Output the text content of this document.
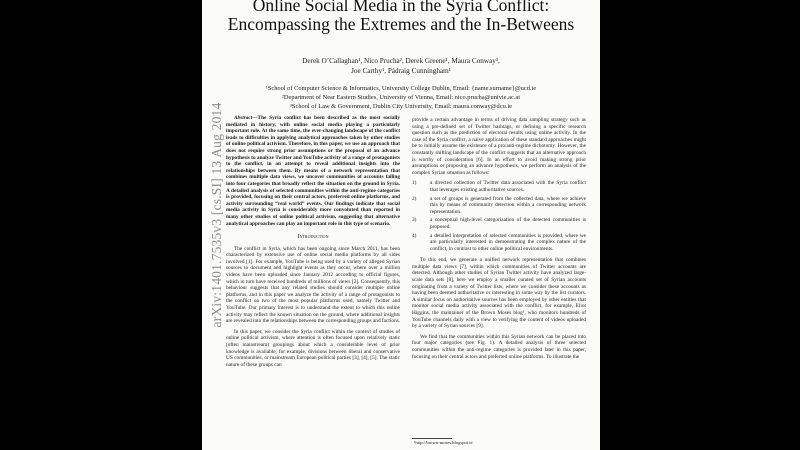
Online Social Media in the Syria Conflict:
Encompassing the Extremes and the In-Betweens
Derek O’Callaghan¹, Nico Prucha², Derek Greene¹, Maura Conway³,
Joe Carthy¹, Pádraig Cunningham¹
¹School of Computer Science & Informatics, University College Dublin, Email: {name.surname}@ucd.ie
²Department of Near Eastern Studies, University of Vienna, Email: nico.prucha@univie.ac.at
³School of Law & Government, Dublin City University, Email: maura.conway@dcu.ie

Abstract—The Syria conflict has been described as the most socially mediated in history, with online social media playing a particularly important role. At the same time, the ever-changing landscape of the conflict leads to difficulties in applying analytical approaches taken by other studies of online political activism. Therefore, in this paper, we use an approach that does not require strong prior assumptions or the proposal of an advance hypothesis to analyze Twitter and YouTube activity of a range of protagonists to the conflict, in an attempt to reveal additional insights into the relationships between them. By means of a network representation that combines multiple data views, we uncover communities of accounts falling into four categories that broadly reflect the situation on the ground in Syria. A detailed analysis of selected communities within the anti-regime categories is provided, focusing on their central actors, preferred online platforms, and activity surrounding “real world” events. Our findings indicate that social media activity in Syria is considerably more convoluted than reported in many other studies of online political activism, suggesting that alternative analytical approaches can play an important role in this type of scenario.

Introduction

The conflict in Syria, which has been ongoing since March 2011, has been characterized by extensive use of online social media platforms by all sides involved [1]. For example, YouTube is being used by a variety of alleged Syrian sources to document and highlight events as they occur, where over a million videos have been uploaded since January 2012 according to official figures, which in turn have received hundreds of millions of views [2]. Consequently, this behaviour suggests that any related studies should consider multiple online platforms, and in this paper we analyze the activity of a range of protagonists to the conflict on two of the most popular platforms used, namely Twitter and YouTube. Our primary interest is to understand the extent to which this online activity may reflect the known situation on the ground, where additional insights are revealed into the relationships between the corresponding groups and factions.

In this paper, we consider the Syria conflict within the context of studies of online political activism, where attention is often focused upon relatively static (often mainstream) groupings about which a considerable level of prior knowledge is available; for example, divisions between liberal and conservative US communities, or mainstream European political parties [3], [4], [5]. The static nature of these groups can

provide a certain advantage in terms of driving data sampling strategy such as using a pre-defined set of Twitter hashtags, or defining a specific research question such as the prediction of electoral results using online activity. In the case of the Syria conflict, a naive application of these standard approaches might be to initially assume the existence of a pro/anti-regime dichotomy. However, the constantly shifting landscape of the conflict suggests that an alternative approach is worthy of consideration [6]. In an effort to avoid making strong prior assumptions or proposing an advance hypothesis, we perform an analysis of the complex Syrian situation as follows:

1)	a directed collection of Twitter data associated with the Syria conflict that leverages existing authoritative sources.
2)	a set of groups is generated from the collected data, where we achieve this by means of community detection within a corresponding network representation.
3)	a conceptual high-level categorization of the detected communities is proposed.
4)	a detailed interpretation of selected communities is provided, where we are particularly interested in demonstrating the complex nature of the conflict, in contrast to other online political environments.

To this end, we generate a unified network representation that combines multiple data views [7], within which communities of Twitter accounts are detected. Although other studies of Syrian Twitter activity have analyzed large-scale data sets [8], here we employ a smaller curated set of Syrian accounts originating from a variety of Twitter lists, where we consider these accounts as having been deemed authoritative or interesting in some way by the list curators. A similar focus on authoritative sources has been employed by other entities that monitor social media activity associated with the conflict, for example, Eliot Higgins, the maintainer of the Brown Moses blog¹, who monitors hundreds of YouTube channels daily with a view to verifying the content of videos uploaded by a variety of Syrian sources [9].

We find that the communities within this Syrian network can be placed into four major categories (see Fig. 1). A detailed analysis of three selected communities within the anti-regime categories is provided later in this paper, focusing on their central actors and preferred online platforms. To illustrate the

¹http://brown-moses.blogspot.ie
arXiv:1401.7535v3 [cs.SI] 13 Aug 2014
